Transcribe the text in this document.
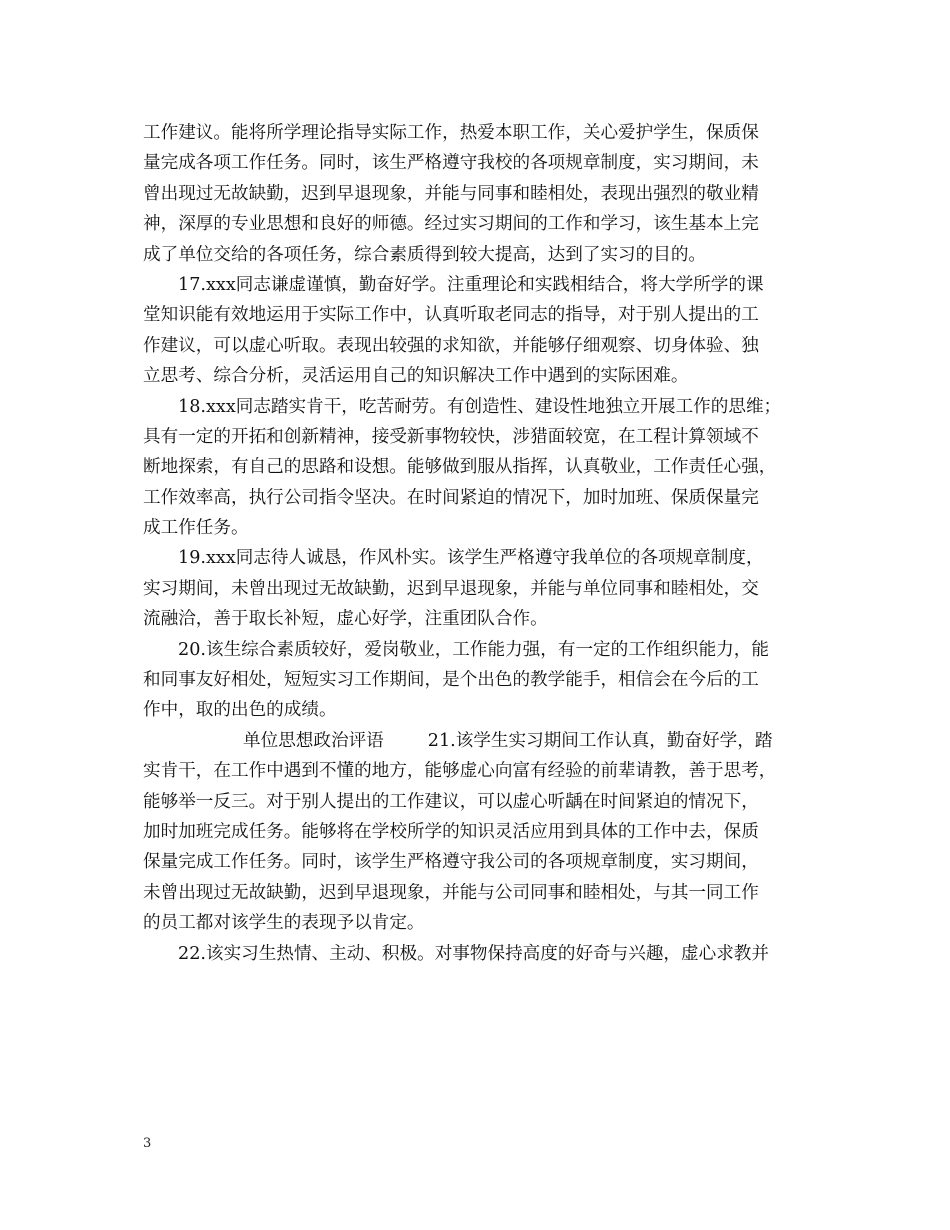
工作建议。能将所学理论指导实际工作，热爱本职工作，关心爱护学生，保质保
量完成各项工作任务。同时，该生严格遵守我校的各项规章制度，实习期间，未
曾出现过无故缺勤，迟到早退现象，并能与同事和睦相处，表现出强烈的敬业精
神，深厚的专业思想和良好的师德。经过实习期间的工作和学习，该生基本上完
成了单位交给的各项任务，综合素质得到较大提高，达到了实习的目的。
17.xxx同志谦虚谨慎，勤奋好学。注重理论和实践相结合，将大学所学的课
堂知识能有效地运用于实际工作中，认真听取老同志的指导，对于别人提出的工
作建议，可以虚心听取。表现出较强的求知欲，并能够仔细观察、切身体验、独
立思考、综合分析，灵活运用自己的知识解决工作中遇到的实际困难。
18.xxx同志踏实肯干，吃苦耐劳。有创造性、建设性地独立开展工作的思维；
具有一定的开拓和创新精神，接受新事物较快，涉猎面较宽，在工程计算领域不
断地探索，有自己的思路和设想。能够做到服从指挥，认真敬业，工作责任心强，
工作效率高，执行公司指令坚决。在时间紧迫的情况下，加时加班、保质保量完
成工作任务。
19.xxx同志待人诚恳，作风朴实。该学生严格遵守我单位的各项规章制度，
实习期间，未曾出现过无故缺勤，迟到早退现象，并能与单位同事和睦相处，交
流融洽，善于取长补短，虚心好学，注重团队合作。
20.该生综合素质较好，爱岗敬业，工作能力强，有一定的工作组织能力，能
和同事友好相处，短短实习工作期间，是个出色的教学能手，相信会在今后的工
作中，取的出色的成绩。
单位思想政治评语	21.该学生实习期间工作认真，勤奋好学，踏
实肯干，在工作中遇到不懂的地方，能够虚心向富有经验的前辈请教，善于思考，
能够举一反三。对于别人提出的工作建议，可以虚心听龋在时间紧迫的情况下，
加时加班完成任务。能够将在学校所学的知识灵活应用到具体的工作中去，保质
保量完成工作任务。同时，该学生严格遵守我公司的各项规章制度，实习期间，
未曾出现过无故缺勤，迟到早退现象，并能与公司同事和睦相处，与其一同工作
的员工都对该学生的表现予以肯定。
22.该实习生热情、主动、积极。对事物保持高度的好奇与兴趣，虚心求教并
3
